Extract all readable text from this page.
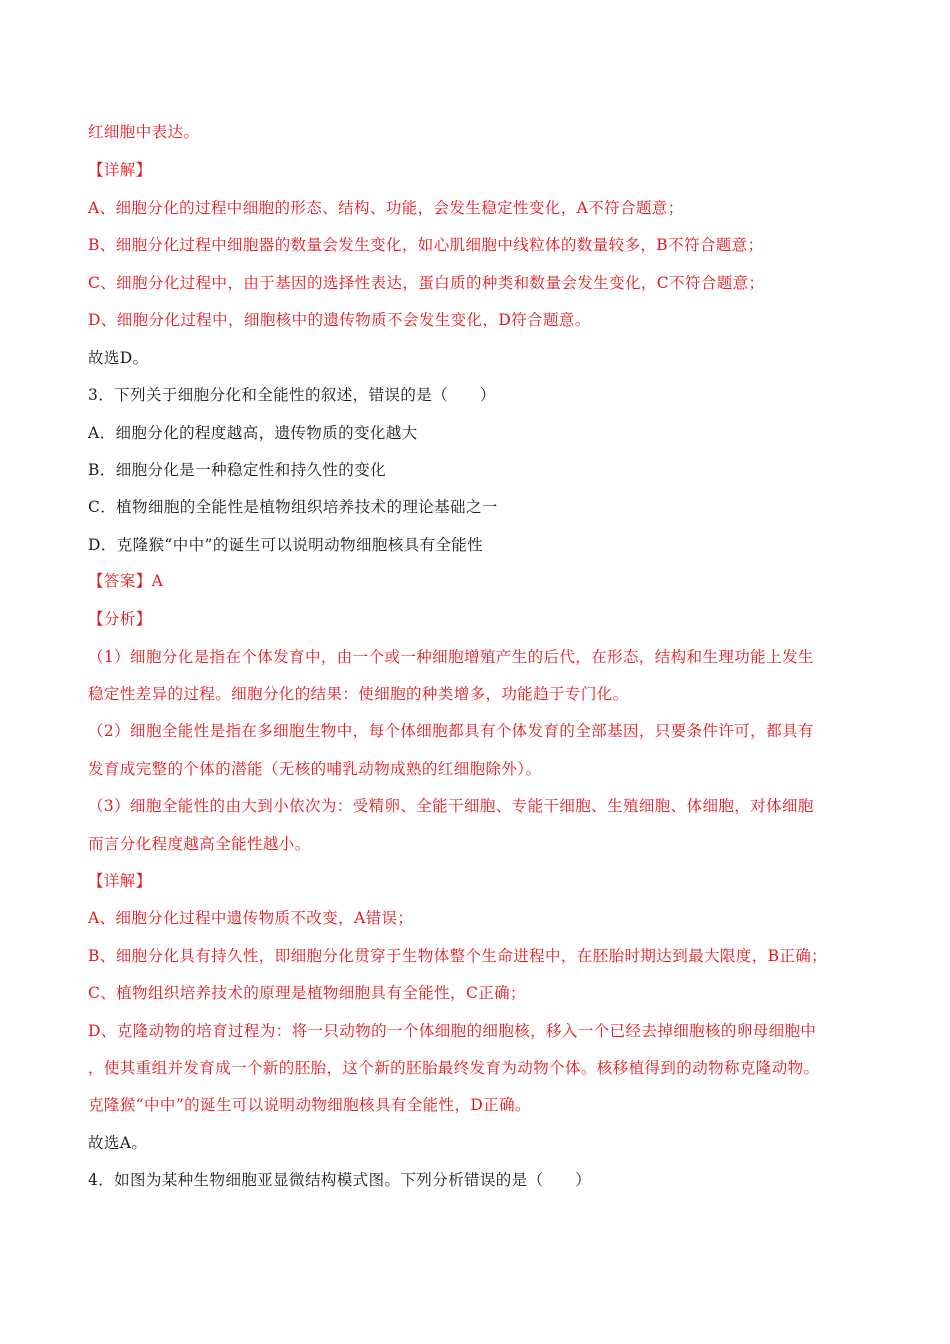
红细胞中表达。
【详解】
A、细胞分化的过程中细胞的形态、结构、功能，会发生稳定性变化，A不符合题意；
B、细胞分化过程中细胞器的数量会发生变化，如心肌细胞中线粒体的数量较多，B不符合题意；
C、细胞分化过程中，由于基因的选择性表达，蛋白质的种类和数量会发生变化，C不符合题意；
D、细胞分化过程中，细胞核中的遗传物质不会发生变化，D符合题意。
故选D。
3．下列关于细胞分化和全能性的叙述，错误的是（　　）
A．细胞分化的程度越高，遗传物质的变化越大
B．细胞分化是一种稳定性和持久性的变化
C．植物细胞的全能性是植物组织培养技术的理论基础之一
D．克隆猴“中中”的诞生可以说明动物细胞核具有全能性
【答案】A
【分析】
（1）细胞分化是指在个体发育中，由一个或一种细胞增殖产生的后代，在形态，结构和生理功能上发生
稳定性差异的过程。细胞分化的结果：使细胞的种类增多，功能趋于专门化。
（2）细胞全能性是指在多细胞生物中，每个体细胞都具有个体发育的全部基因，只要条件许可，都具有
发育成完整的个体的潜能（无核的哺乳动物成熟的红细胞除外）。
（3）细胞全能性的由大到小依次为：受精卵、全能干细胞、专能干细胞、生殖细胞、体细胞，对体细胞
而言分化程度越高全能性越小。
【详解】
A、细胞分化过程中遗传物质不改变，A错误；
B、细胞分化具有持久性，即细胞分化贯穿于生物体整个生命进程中，在胚胎时期达到最大限度，B正确；
C、植物组织培养技术的原理是植物细胞具有全能性，C正确；
D、克隆动物的培育过程为：将一只动物的一个体细胞的细胞核，移入一个已经去掉细胞核的卵母细胞中
，使其重组并发育成一个新的胚胎，这个新的胚胎最终发育为动物个体。核移植得到的动物称克隆动物。
克隆猴“中中”的诞生可以说明动物细胞核具有全能性，D正确。
故选A。
4．如图为某种生物细胞亚显微结构模式图。下列分析错误的是（　　）
